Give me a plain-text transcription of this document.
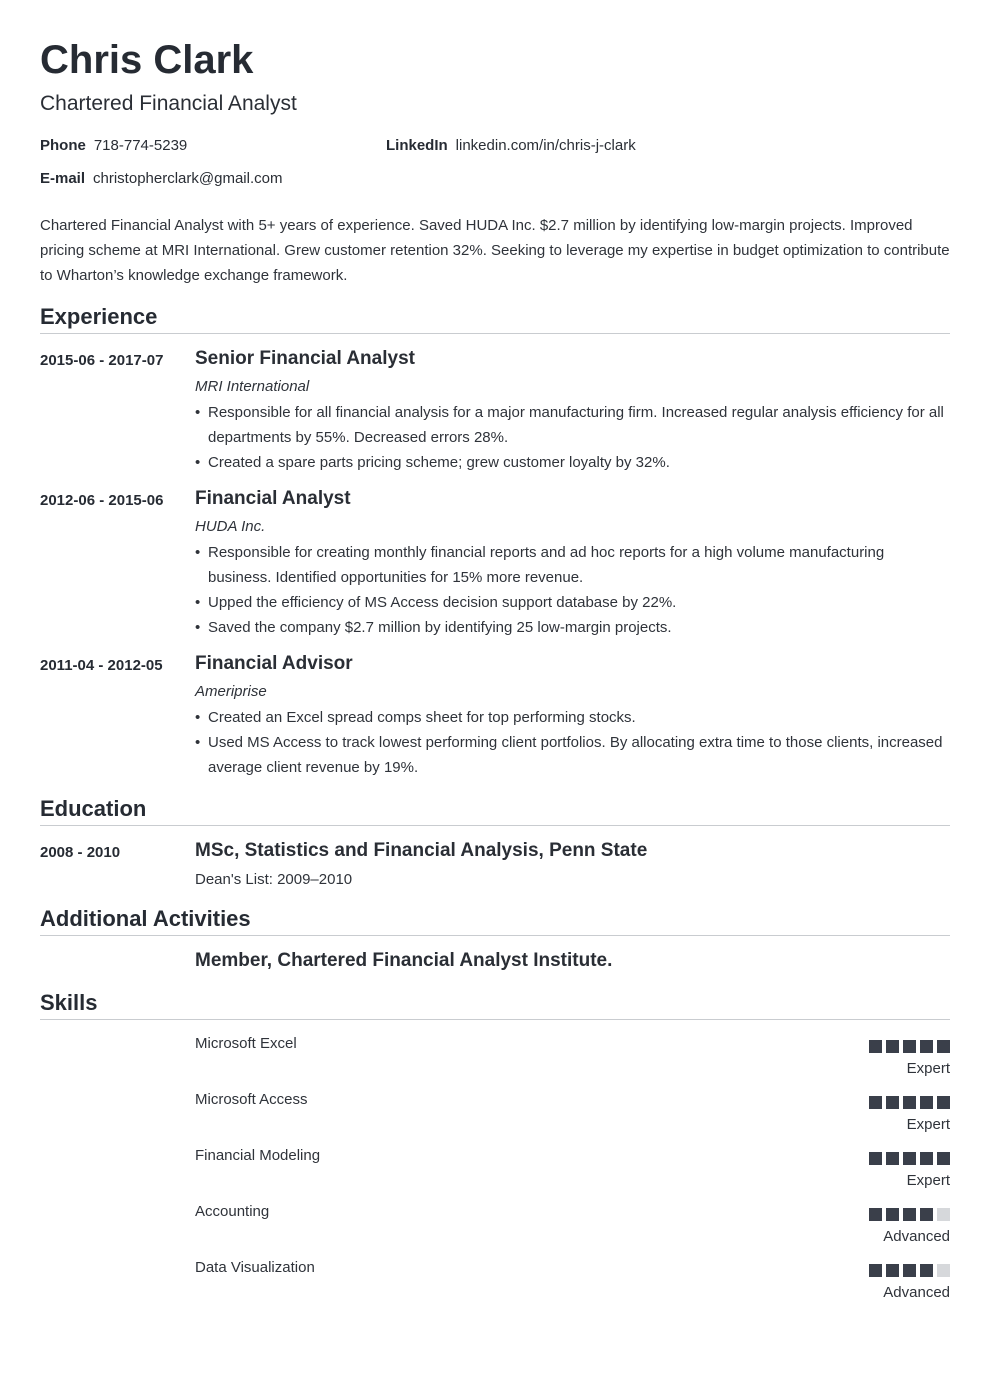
Chris Clark
Chartered Financial Analyst
Phone 718-774-5239	LinkedIn linkedin.com/in/chris-j-clark
E-mail christopherclark@gmail.com
Chartered Financial Analyst with 5+ years of experience. Saved HUDA Inc. $2.7 million by identifying low-margin projects. Improved pricing scheme at MRI International. Grew customer retention 32%. Seeking to leverage my expertise in budget optimization to contribute to Wharton’s knowledge exchange framework.
Experience
2015-06 - 2017-07	Senior Financial Analyst
MRI International
• Responsible for all financial analysis for a major manufacturing firm. Increased regular analysis efficiency for all departments by 55%. Decreased errors 28%.
• Created a spare parts pricing scheme; grew customer loyalty by 32%.
2012-06 - 2015-06	Financial Analyst
HUDA Inc.
• Responsible for creating monthly financial reports and ad hoc reports for a high volume manufacturing business. Identified opportunities for 15% more revenue.
• Upped the efficiency of MS Access decision support database by 22%.
• Saved the company $2.7 million by identifying 25 low-margin projects.
2011-04 - 2012-05	Financial Advisor
Ameriprise
• Created an Excel spread comps sheet for top performing stocks.
• Used MS Access to track lowest performing client portfolios. By allocating extra time to those clients, increased average client revenue by 19%.
Education
2008 - 2010	MSc, Statistics and Financial Analysis, Penn State
Dean's List: 2009–2010
Additional Activities
Member, Chartered Financial Analyst Institute.
Skills
Microsoft Excel
Expert
Microsoft Access
Expert
Financial Modeling
Expert
Accounting
Advanced
Data Visualization
Advanced
